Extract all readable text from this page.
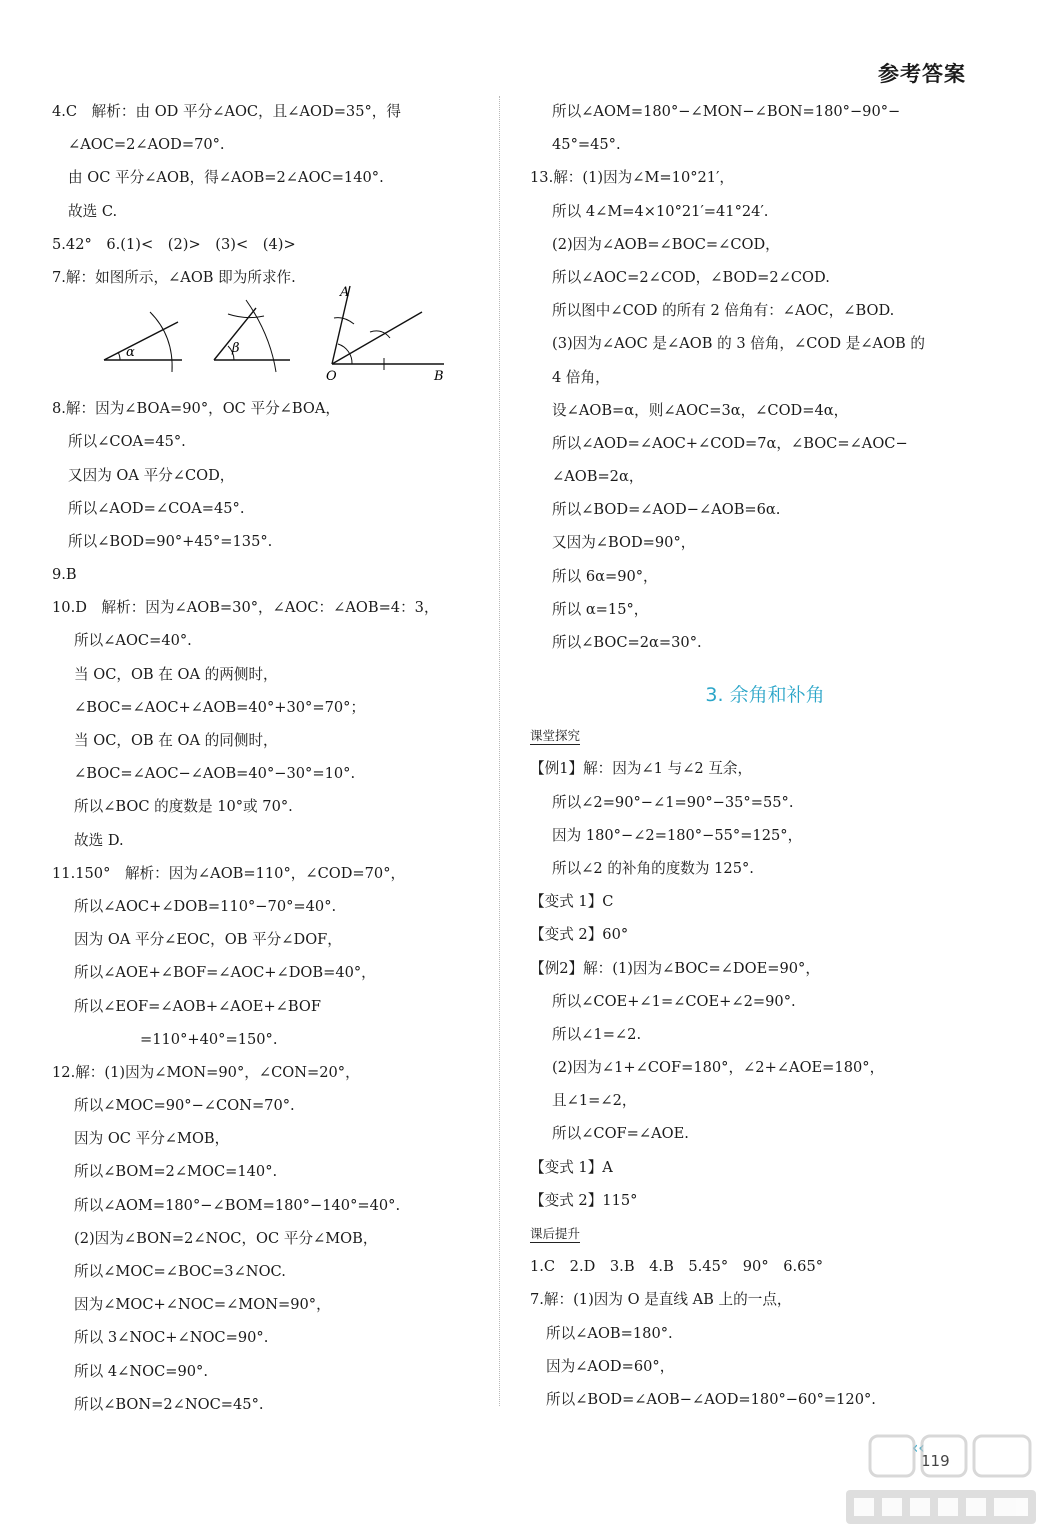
参考答案
4.C　解析：由 OD 平分∠AOC，且∠AOD=35°，得
∠AOC=2∠AOD=70°.
由 OC 平分∠AOB，得∠AOB=2∠AOC=140°.
故选 C.
5.42°　6.(1)<　(2)>　(3)<　(4)>
7.解：如图所示，∠AOB 即为所求作.
α	β
A
O	B
8.解：因为∠BOA=90°，OC 平分∠BOA，
所以∠COA=45°.
又因为 OA 平分∠COD，
所以∠AOD=∠COA=45°.
所以∠BOD=90°+45°=135°.
9.B
10.D　解析：因为∠AOB=30°，∠AOC：∠AOB=4：3，
所以∠AOC=40°.
当 OC，OB 在 OA 的两侧时，
∠BOC=∠AOC+∠AOB=40°+30°=70°；
当 OC，OB 在 OA 的同侧时，
∠BOC=∠AOC−∠AOB=40°−30°=10°.
所以∠BOC 的度数是 10°或 70°.
故选 D.
11.150°　解析：因为∠AOB=110°，∠COD=70°，
所以∠AOC+∠DOB=110°−70°=40°.
因为 OA 平分∠EOC，OB 平分∠DOF，
所以∠AOE+∠BOF=∠AOC+∠DOB=40°，
所以∠EOF=∠AOB+∠AOE+∠BOF
=110°+40°=150°.
12.解：(1)因为∠MON=90°，∠CON=20°，
所以∠MOC=90°−∠CON=70°.
因为 OC 平分∠MOB，
所以∠BOM=2∠MOC=140°.
所以∠AOM=180°−∠BOM=180°−140°=40°.
(2)因为∠BON=2∠NOC，OC 平分∠MOB，
所以∠MOC=∠BOC=3∠NOC.
因为∠MOC+∠NOC=∠MON=90°，
所以 3∠NOC+∠NOC=90°.
所以 4∠NOC=90°.
所以∠BON=2∠NOC=45°.
所以∠AOM=180°−∠MON−∠BON=180°−90°−
45°=45°.
13.解：(1)因为∠M=10°21′，
所以 4∠M=4×10°21′=41°24′.
(2)因为∠AOB=∠BOC=∠COD，
所以∠AOC=2∠COD，∠BOD=2∠COD.
所以图中∠COD 的所有 2 倍角有：∠AOC，∠BOD.
(3)因为∠AOC 是∠AOB 的 3 倍角，∠COD 是∠AOB 的
4 倍角，
设∠AOB=α，则∠AOC=3α，∠COD=4α，
所以∠AOD=∠AOC+∠COD=7α，∠BOC=∠AOC−
∠AOB=2α，
所以∠BOD=∠AOD−∠AOB=6α.
又因为∠BOD=90°，
所以 6α=90°，
所以 α=15°，
所以∠BOC=2α=30°.
3. 余角和补角
课堂探究
【例1】解：因为∠1 与∠2 互余，
所以∠2=90°−∠1=90°−35°=55°.
因为 180°−∠2=180°−55°=125°，
所以∠2 的补角的度数为 125°.
【变式 1】C
【变式 2】60°
【例2】解：(1)因为∠BOC=∠DOE=90°，
所以∠COE+∠1=∠COE+∠2=90°.
所以∠1=∠2.
(2)因为∠1+∠COF=180°，∠2+∠AOE=180°，
且∠1=∠2，
所以∠COF=∠AOE.
【变式 1】A
【变式 2】115°
课后提升
1.C　2.D　3.B　4.B　5.45°　90°　6.65°
7.解：(1)因为 O 是直线 AB 上的一点，
所以∠AOB=180°.
因为∠AOD=60°，
所以∠BOD=∠AOB−∠AOD=180°−60°=120°.
‹‹
119
